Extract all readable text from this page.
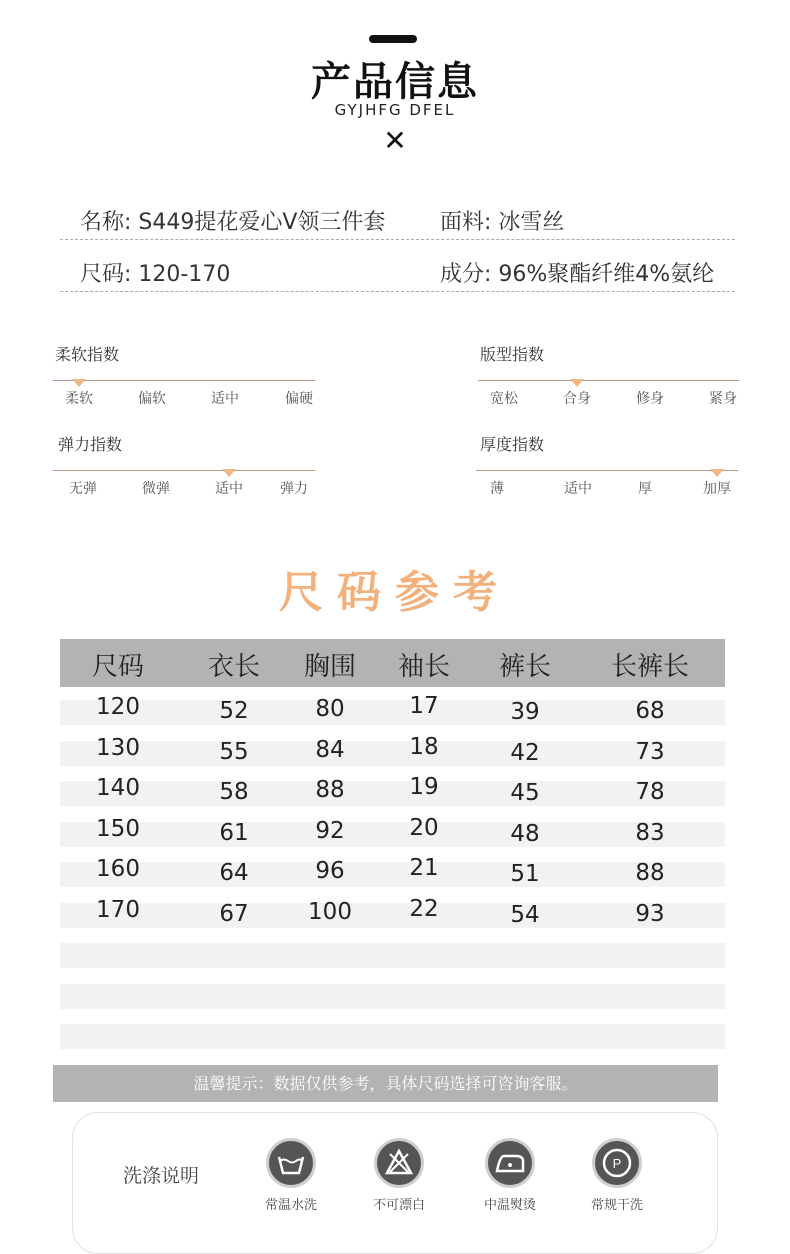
产品信息
GYJHFG DFEL
✕
名称: S449提花爱心V领三件套 面料: 冰雪丝
尺码: 120-170	成分: 96%聚酯纤维4%氨纶
柔软指数
柔软	偏软	适中	偏硬
版型指数
宽松	合身	修身	紧身
弹力指数
无弹	微弹	适中	弹力
厚度指数
薄	适中	厚	加厚
尺码参考
尺码 衣长 胸围 袖长 裤长 长裤长
120	52	80	17	39	68
130	55	84	18	42	73
140	58	88	19	45	78
150	61	92	20	48	83
160	64	96	21	51	88
170	67	100 22	54	93
温馨提示：数据仅供参考，具体尺码选择可咨询客服。
洗涤说明
常温水洗	不可漂白	中温熨烫
P
常规干洗
